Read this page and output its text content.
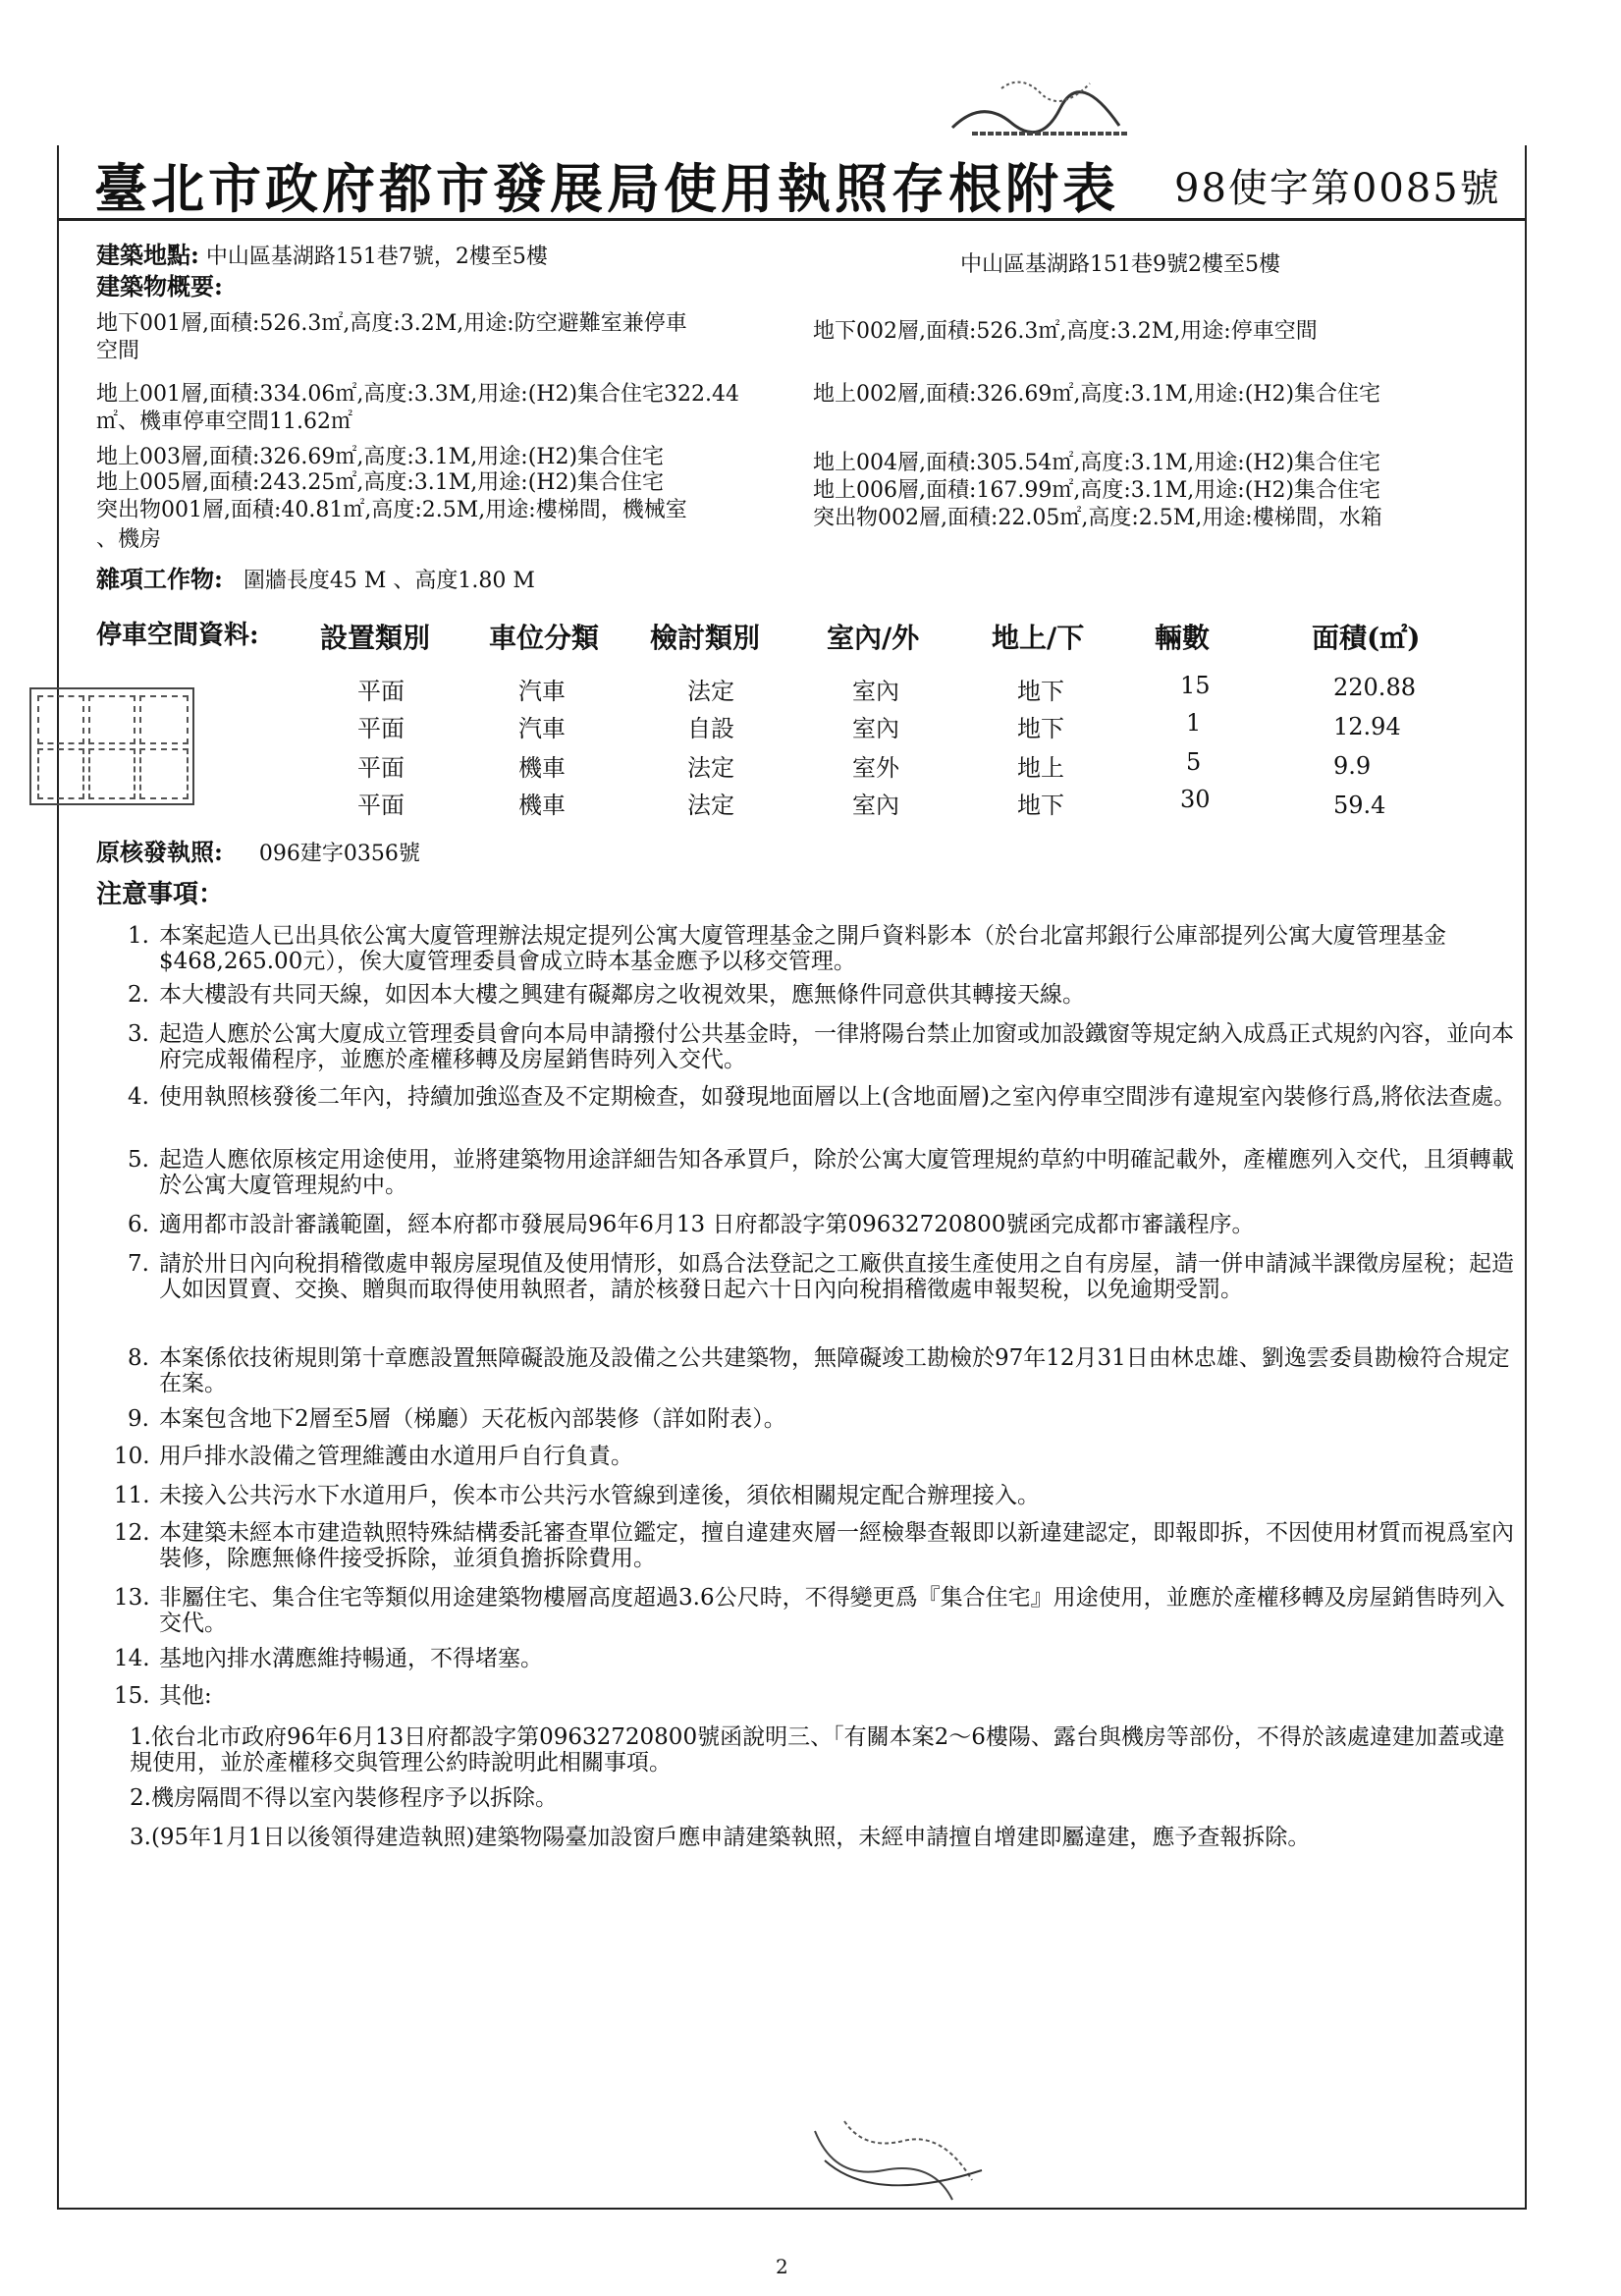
臺北市政府都市發展局使用執照存根附表 98使字第0085號
建築地點: 中山區基湖路151巷7號，2樓至5樓	中山區基湖路151巷9號2樓至5樓
建築物概要:
地下001層,面積:526.3㎡,高度:3.2M,用途:防空避難室兼停車	地下002層,面積:526.3㎡,高度:3.2M,用途:停車空間
空間
地上001層,面積:334.06㎡,高度:3.3M,用途:(H2)集合住宅322.44	地上002層,面積:326.69㎡,高度:3.1M,用途:(H2)集合住宅
㎡、機車停車空間11.62㎡
地上003層,面積:326.69㎡,高度:3.1M,用途:(H2)集合住宅	地上004層,面積:305.54㎡,高度:3.1M,用途:(H2)集合住宅
地上005層,面積:243.25㎡,高度:3.1M,用途:(H2)集合住宅	地上006層,面積:167.99㎡,高度:3.1M,用途:(H2)集合住宅
突出物001層,面積:40.81㎡,高度:2.5M,用途:樓梯間，機械室	突出物002層,面積:22.05㎡,高度:2.5M,用途:樓梯間，水箱
、機房
雜項工作物: 圍牆長度45 M 、高度1.80 M
停車空間資料: 設置類別 車位分類 檢討類別 室內/外	地上/下	輛數	面積(㎡)
平面	汽車	法定	室內	地下	15	220.88
平面	汽車	自設	室內	地下	1	12.94
平面	機車	法定	室外	地上	5	9.9
平面	機車	法定	室內	地下	30	59.4
原核發執照: 096建字0356號
注意事項：
1. 本案起造人已出具依公寓大廈管理辦法規定提列公寓大廈管理基金之開戶資料影本（於台北富邦銀行公庫部提列公寓大廈管理基金$468,265.00元），俟大廈管理委員會成立時本基金應予以移交管理。
2. 本大樓設有共同天線，如因本大樓之興建有礙鄰房之收視效果，應無條件同意供其轉接天線。
3. 起造人應於公寓大廈成立管理委員會向本局申請撥付公共基金時，一律將陽台禁止加窗或加設鐵窗等規定納入成爲正式規約內容，並向本府完成報備程序，並應於產權移轉及房屋銷售時列入交代。
4. 使用執照核發後二年內，持續加強巡查及不定期檢查，如發現地面層以上(含地面層)之室內停車空間涉有違規室內裝修行爲,將依法查處。
5. 起造人應依原核定用途使用，並將建築物用途詳細告知各承買戶，除於公寓大廈管理規約草約中明確記載外，產權應列入交代，且須轉載於公寓大廈管理規約中。
6. 適用都市設計審議範圍，經本府都市發展局96年6月13 日府都設字第09632720800號函完成都市審議程序。
7. 請於卅日內向稅捐稽徵處申報房屋現值及使用情形，如爲合法登記之工廠供直接生產使用之自有房屋，請一併申請減半課徵房屋稅；起造人如因買賣、交換、贈與而取得使用執照者，請於核發日起六十日內向稅捐稽徵處申報契稅，以免逾期受罰。
8. 本案係依技術規則第十章應設置無障礙設施及設備之公共建築物，無障礙竣工勘檢於97年12月31日由林忠雄、劉逸雲委員勘檢符合規定在案。
9. 本案包含地下2層至5層（梯廳）天花板內部裝修（詳如附表）。
10. 用戶排水設備之管理維護由水道用戶自行負責。
11. 未接入公共污水下水道用戶，俟本市公共污水管線到達後，須依相關規定配合辦理接入。
12. 本建築未經本市建造執照特殊結構委託審查單位鑑定，擅自違建夾層一經檢舉查報即以新違建認定，即報即拆，不因使用材質而視爲室內裝修，除應無條件接受拆除，並須負擔拆除費用。
13. 非屬住宅、集合住宅等類似用途建築物樓層高度超過3.6公尺時，不得變更爲『集合住宅』用途使用，並應於產權移轉及房屋銷售時列入交代。
14. 基地內排水溝應維持暢通，不得堵塞。
15. 其他:
1.依台北市政府96年6月13日府都設字第09632720800號函說明三、「有關本案2～6樓陽、露台與機房等部份，不得於該處違建加蓋或違規使用，並於產權移交與管理公約時說明此相關事項。
2.機房隔間不得以室內裝修程序予以拆除。
3.(95年1月1日以後領得建造執照)建築物陽臺加設窗戶應申請建築執照，未經申請擅自增建即屬違建，應予查報拆除。
2
